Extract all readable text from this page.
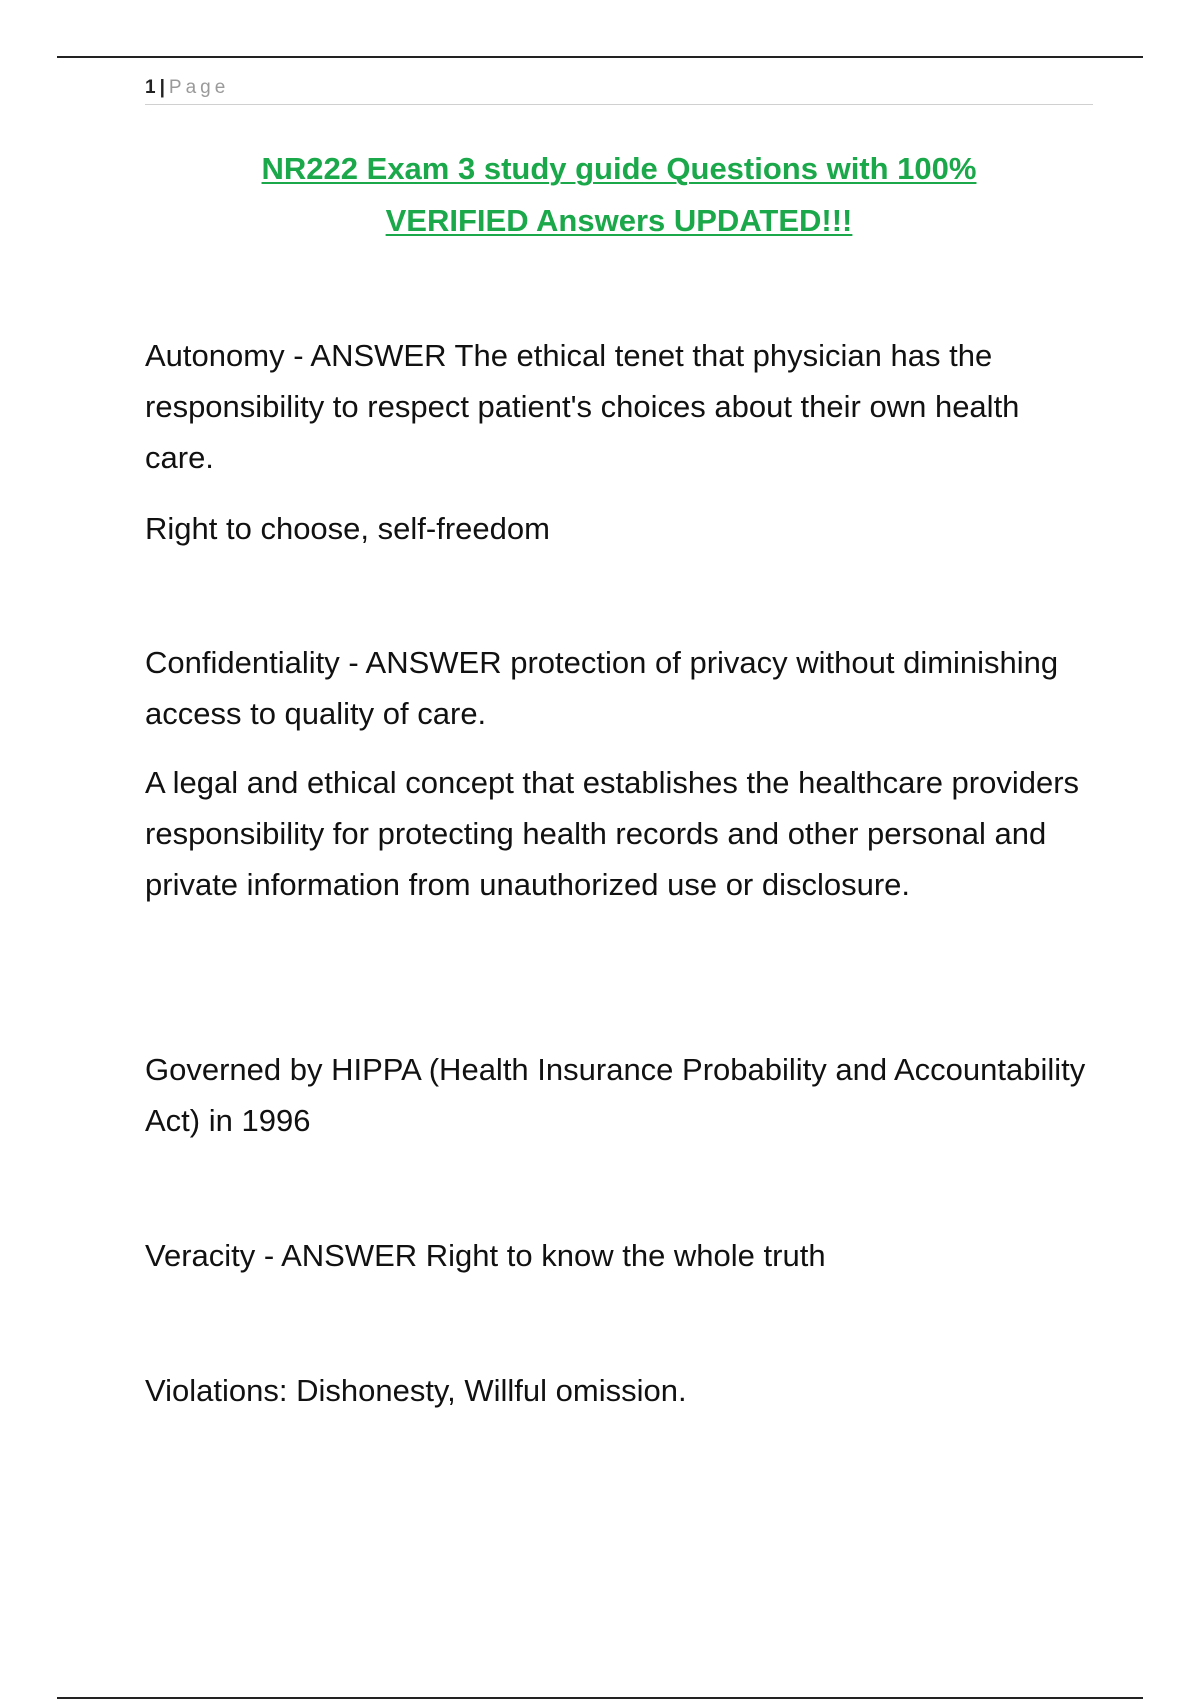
1 | Page
NR222 Exam 3 study guide Questions with 100%
VERIFIED Answers UPDATED!!!

Autonomy - ANSWER The ethical tenet that physician has the responsibility to respect patient's choices about their own health care.

Right to choose, self-freedom

Confidentiality - ANSWER protection of privacy without diminishing access to quality of care.

A legal and ethical concept that establishes the healthcare providers responsibility for protecting health records and other personal and private information from unauthorized use or disclosure.

Governed by HIPPA (Health Insurance Probability and Accountability Act) in 1996

Veracity - ANSWER Right to know the whole truth

Violations: Dishonesty, Willful omission.
